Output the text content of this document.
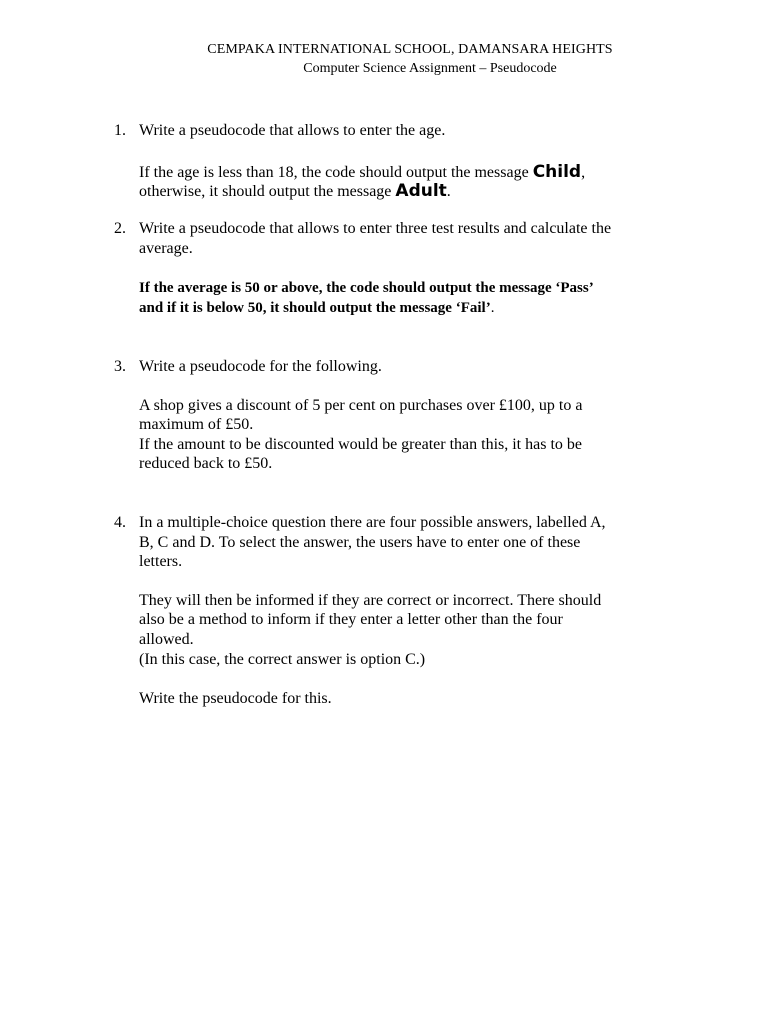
CEMPAKA INTERNATIONAL SCHOOL, DAMANSARA HEIGHTS
Computer Science Assignment – Pseudocode
1. Write a pseudocode that allows to enter the age.
If the age is less than 18, the code should output the message Child,
otherwise, it should output the message Adult.
2. Write a pseudocode that allows to enter three test results and calculate the
average.
If the average is 50 or above, the code should output the message ‘Pass’
and if it is below 50, it should output the message ‘Fail’.
3. Write a pseudocode for the following.
A shop gives a discount of 5 per cent on purchases over £100, up to a
maximum of £50.
If the amount to be discounted would be greater than this, it has to be
reduced back to £50.
4. In a multiple-choice question there are four possible answers, labelled A,
B, C and D. To select the answer, the users have to enter one of these
letters.
They will then be informed if they are correct or incorrect. There should
also be a method to inform if they enter a letter other than the four
allowed.
(In this case, the correct answer is option C.)
Write the pseudocode for this.
